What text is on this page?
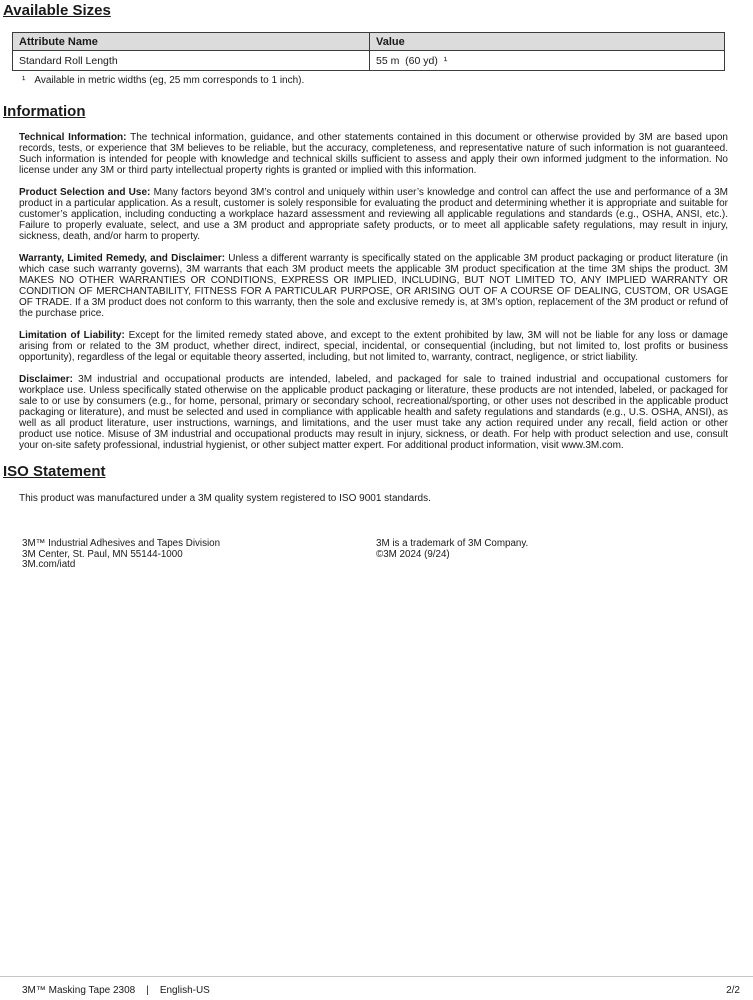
Available Sizes
Attribute Name	Value
Standard Roll Length	55 m  (60 yd)  ¹
¹ Available in metric widths (eg, 25 mm corresponds to 1 inch).
Information

Technical Information: The technical information, guidance, and other statements contained in this document or otherwise provided by 3M are based upon records, tests, or experience that 3M believes to be reliable, but the accuracy, completeness, and representative nature of such information is not guaranteed. Such information is intended for people with knowledge and technical skills sufficient to assess and apply their own informed judgment to the information. No license under any 3M or third party intellectual property rights is granted or implied with this information.

Product Selection and Use: Many factors beyond 3M’s control and uniquely within user’s knowledge and control can affect the use and performance of a 3M product in a particular application. As a result, customer is solely responsible for evaluating the product and determining whether it is appropriate and suitable for customer’s application, including conducting a workplace hazard assessment and reviewing all applicable regulations and standards (e.g., OSHA, ANSI, etc.). Failure to properly evaluate, select, and use a 3M product and appropriate safety products, or to meet all applicable safety regulations, may result in injury, sickness, death, and/or harm to property.

Warranty, Limited Remedy, and Disclaimer: Unless a different warranty is specifically stated on the applicable 3M product packaging or product literature (in which case such warranty governs), 3M warrants that each 3M product meets the applicable 3M product specification at the time 3M ships the product. 3M MAKES NO OTHER WARRANTIES OR CONDITIONS, EXPRESS OR IMPLIED, INCLUDING, BUT NOT LIMITED TO, ANY IMPLIED WARRANTY OR CONDITION OF MERCHANTABILITY, FITNESS FOR A PARTICULAR PURPOSE, OR ARISING OUT OF A COURSE OF DEALING, CUSTOM, OR USAGE OF TRADE. If a 3M product does not conform to this warranty, then the sole and exclusive remedy is, at 3M’s option, replacement of the 3M product or refund of the purchase price.

Limitation of Liability: Except for the limited remedy stated above, and except to the extent prohibited by law, 3M will not be liable for any loss or damage arising from or related to the 3M product, whether direct, indirect, special, incidental, or consequential (including, but not limited to, lost profits or business opportunity), regardless of the legal or equitable theory asserted, including, but not limited to, warranty, contract, negligence, or strict liability.

Disclaimer: 3M industrial and occupational products are intended, labeled, and packaged for sale to trained industrial and occupational customers for workplace use. Unless specifically stated otherwise on the applicable product packaging or literature, these products are not intended, labeled, or packaged for sale to or use by consumers (e.g., for home, personal, primary or secondary school, recreational/sporting, or other uses not described in the applicable product packaging or literature), and must be selected and used in compliance with applicable health and safety regulations and standards (e.g., U.S. OSHA, ANSI), as well as all product literature, user instructions, warnings, and limitations, and the user must take any action required under any recall, field action or other product use notice. Misuse of 3M industrial and occupational products may result in injury, sickness, or death. For help with product selection and use, consult your on-site safety professional, industrial hygienist, or other subject matter expert. For additional product information, visit www.3M.com.

ISO Statement

This product was manufactured under a 3M quality system registered to ISO 9001 standards.

3M™ Industrial Adhesives and Tapes Division
3M Center, St. Paul, MN 55144-1000
3M.com/iatd
3M is a trademark of 3M Company.
©3M 2024 (9/24)
3M™ Masking Tape 2308 | English-US	2/2
